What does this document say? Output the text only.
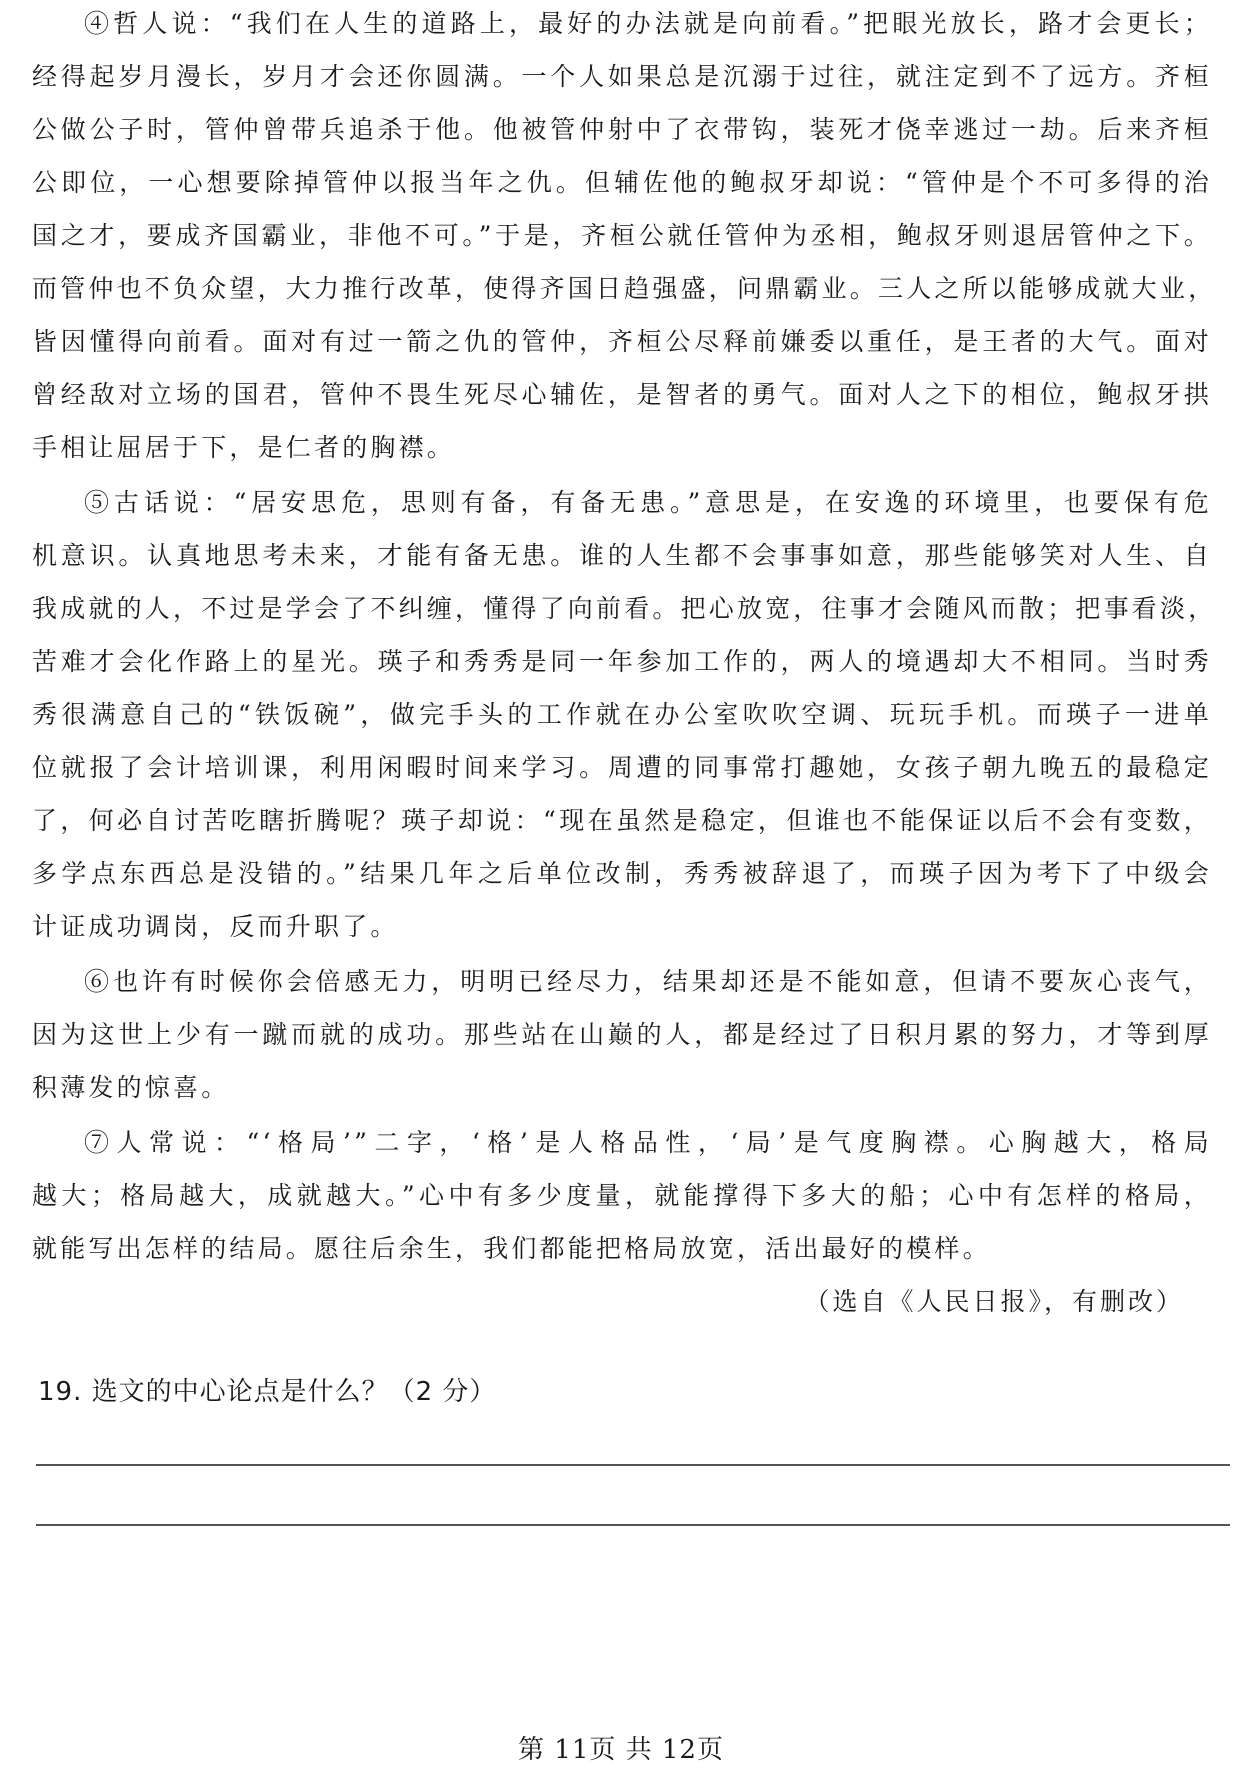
④哲人说：“我们在人生的道路上，最好的办法就是向前看。”把眼光放长，路才会更长；
经得起岁月漫长，岁月才会还你圆满。一个人如果总是沉溺于过往，就注定到不了远方。齐桓
公做公子时，管仲曾带兵追杀于他。他被管仲射中了衣带钩，装死才侥幸逃过一劫。后来齐桓
公即位，一心想要除掉管仲以报当年之仇。但辅佐他的鲍叔牙却说：“管仲是个不可多得的治
国之才，要成齐国霸业，非他不可。”于是，齐桓公就任管仲为丞相，鲍叔牙则退居管仲之下。
而管仲也不负众望，大力推行改革，使得齐国日趋强盛，问鼎霸业。三人之所以能够成就大业，
皆因懂得向前看。面对有过一箭之仇的管仲，齐桓公尽释前嫌委以重任，是王者的大气。面对
曾经敌对立场的国君，管仲不畏生死尽心辅佐，是智者的勇气。面对人之下的相位，鲍叔牙拱
手相让屈居于下，是仁者的胸襟。
⑤古话说：“居安思危，思则有备，有备无患。”意思是，在安逸的环境里，也要保有危
机意识。认真地思考未来，才能有备无患。谁的人生都不会事事如意，那些能够笑对人生、自
我成就的人，不过是学会了不纠缠，懂得了向前看。把心放宽，往事才会随风而散；把事看淡，
苦难才会化作路上的星光。瑛子和秀秀是同一年参加工作的，两人的境遇却大不相同。当时秀
秀很满意自己的“铁饭碗”，做完手头的工作就在办公室吹吹空调、玩玩手机。而瑛子一进单
位就报了会计培训课，利用闲暇时间来学习。周遭的同事常打趣她，女孩子朝九晚五的最稳定
了，何必自讨苦吃瞎折腾呢？瑛子却说：“现在虽然是稳定，但谁也不能保证以后不会有变数，
多学点东西总是没错的。”结果几年之后单位改制，秀秀被辞退了，而瑛子因为考下了中级会
计证成功调岗，反而升职了。
⑥也许有时候你会倍感无力，明明已经尽力，结果却还是不能如意，但请不要灰心丧气，
因为这世上少有一蹴而就的成功。那些站在山巅的人，都是经过了日积月累的努力，才等到厚
积薄发的惊喜。
⑦人常说：“‘格局’”二字，‘格’是人格品性，‘局’是气度胸襟。心胸越大，格局
越大；格局越大，成就越大。”心中有多少度量，就能撑得下多大的船；心中有怎样的格局，
就能写出怎样的结局。愿往后余生，我们都能把格局放宽，活出最好的模样。
（选自《人民日报》，有删改）
19. 选文的中心论点是什么？（2 分）
第 11页 共 12页
